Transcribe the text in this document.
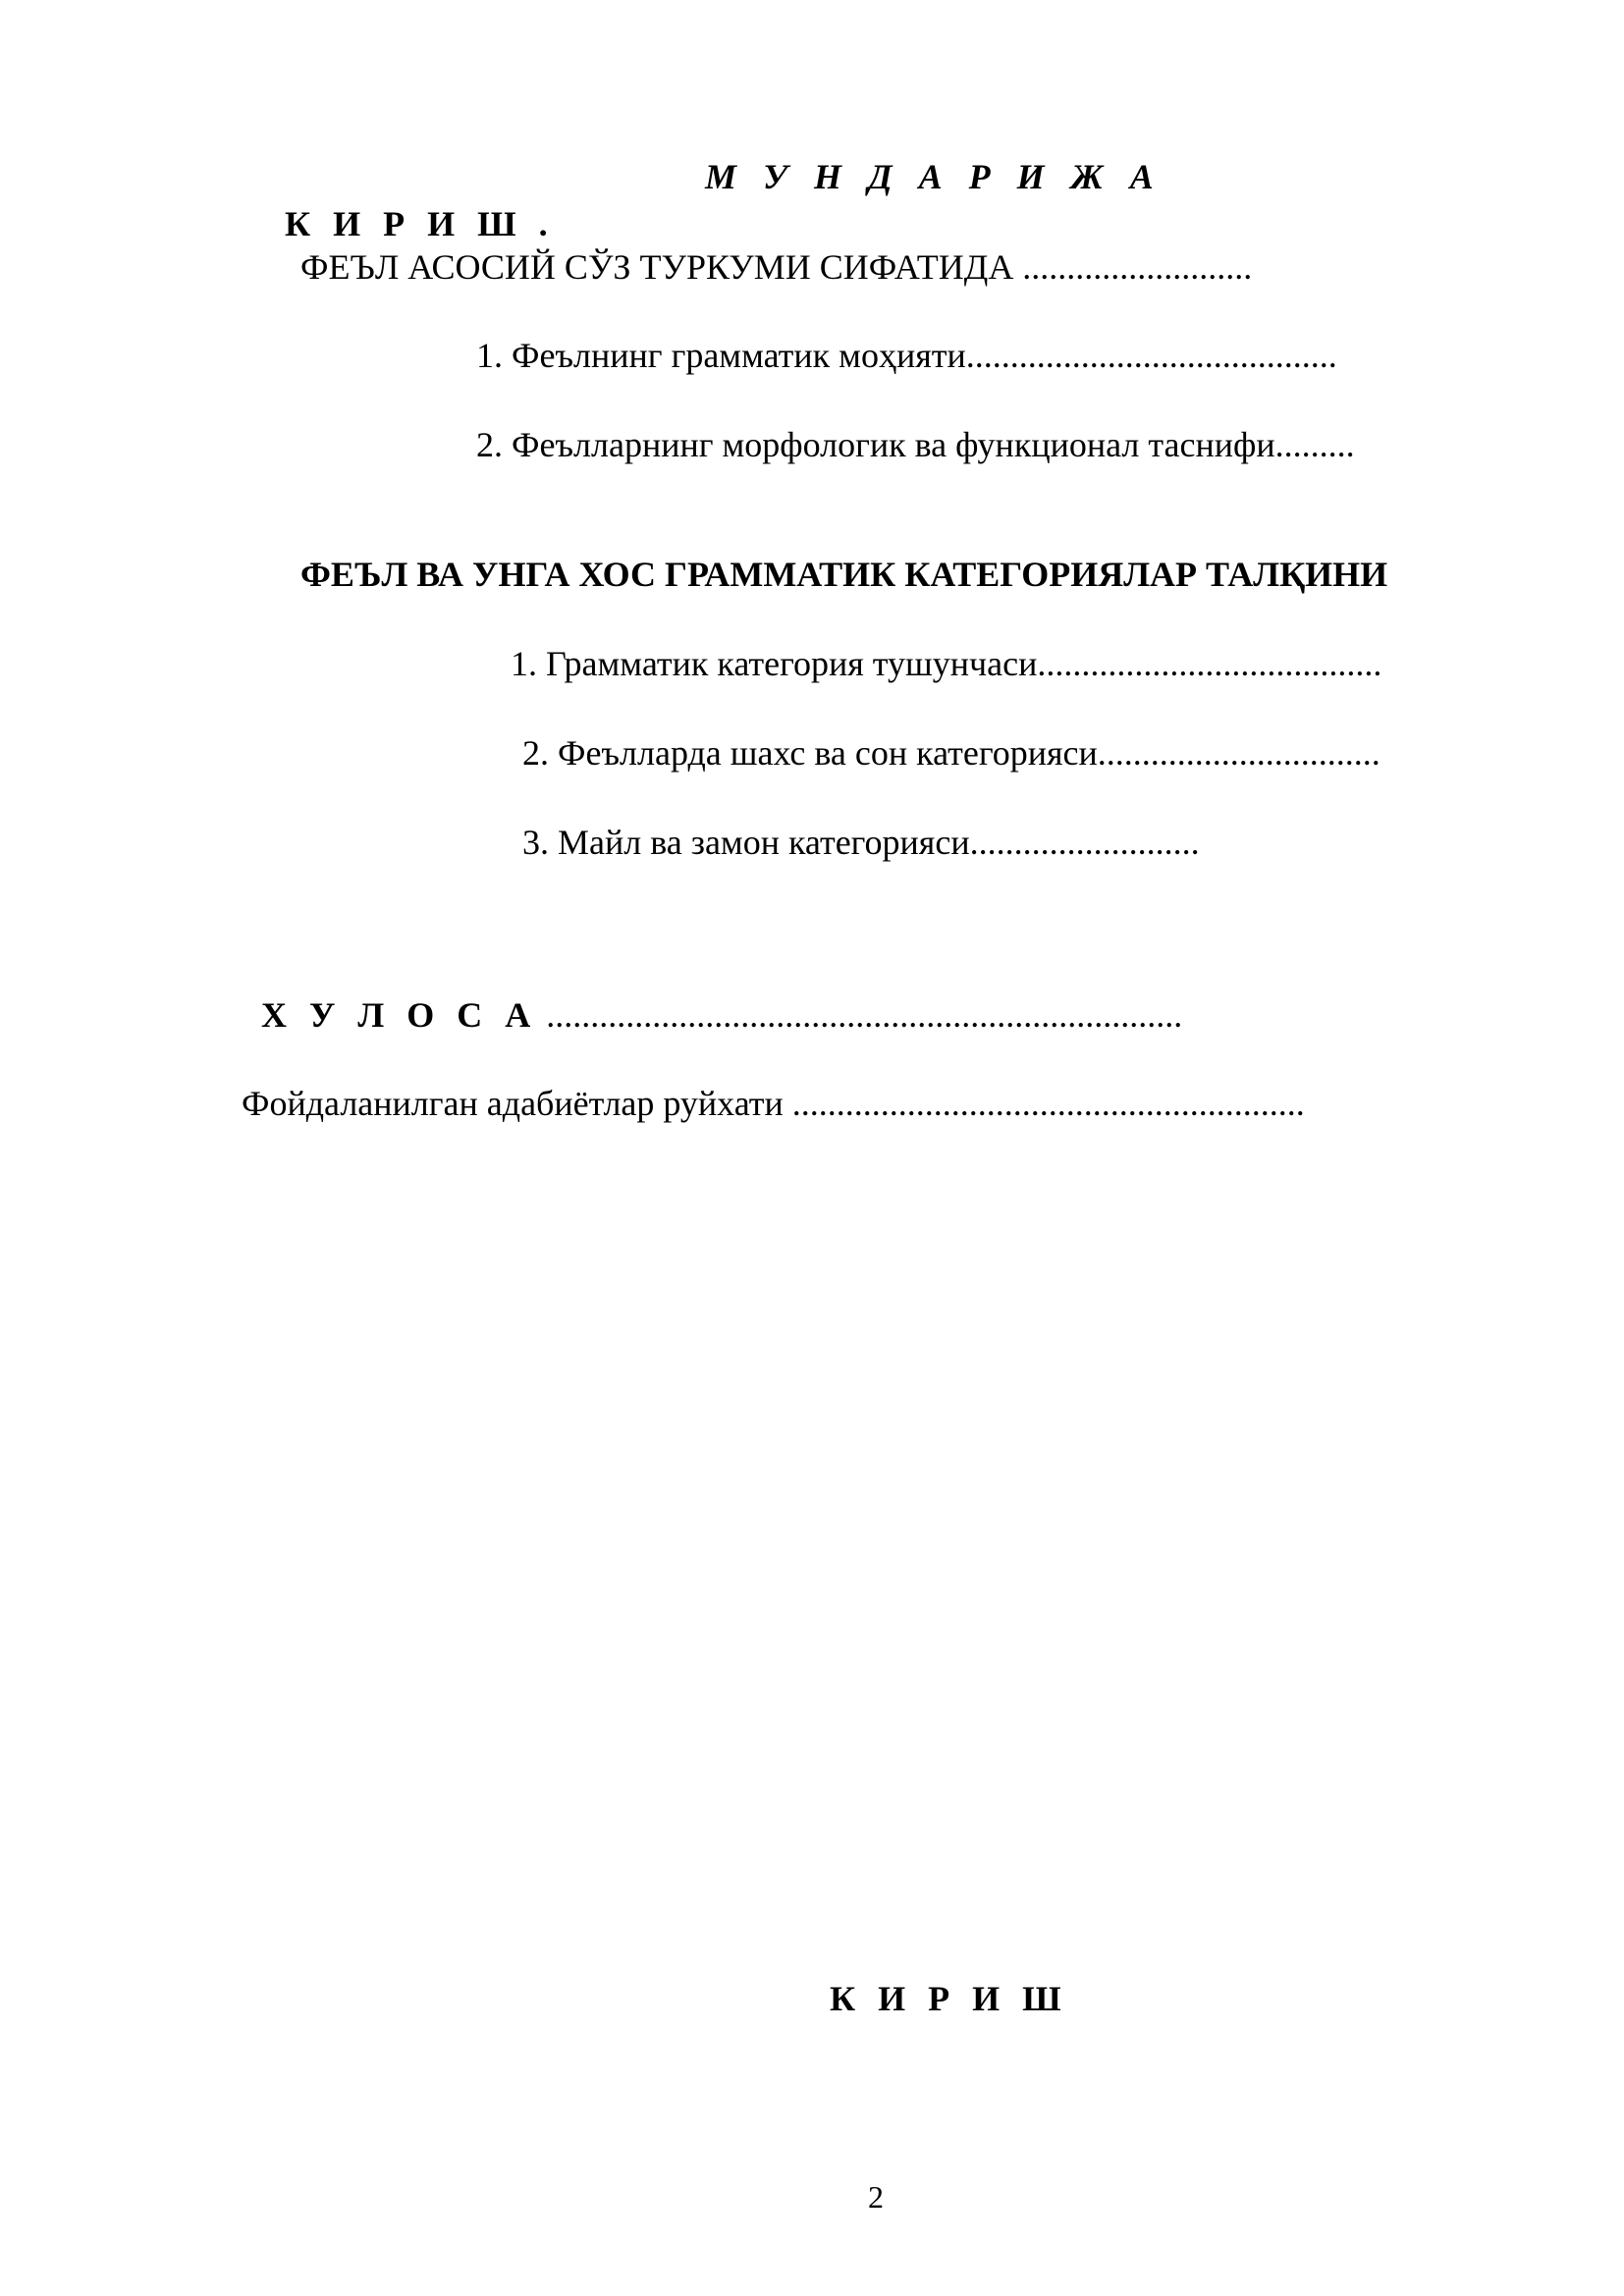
М У Н Д А Р И Ж А
К И Р И Ш .
ФЕЪЛ АСОСИЙ СЎЗ ТУРКУМИ СИФАТИДА ..........................
1. Феълнинг грамматик моҳияти..........................................
2. Феълларнинг морфологик ва функционал таснифи.........
ФЕЪЛ ВА УНГА ХОС ГРАММАТИК КАТЕГОРИЯЛАР ТАЛҚИНИ
1. Грамматик категория тушунчаси.......................................
2. Феълларда шахс ва сон категорияси................................
3. Майл ва замон категорияси..........................
Х У Л О С А ........................................................................
Фойдаланилган адабиётлар руйхати ..........................................................
К И Р И Ш
2
